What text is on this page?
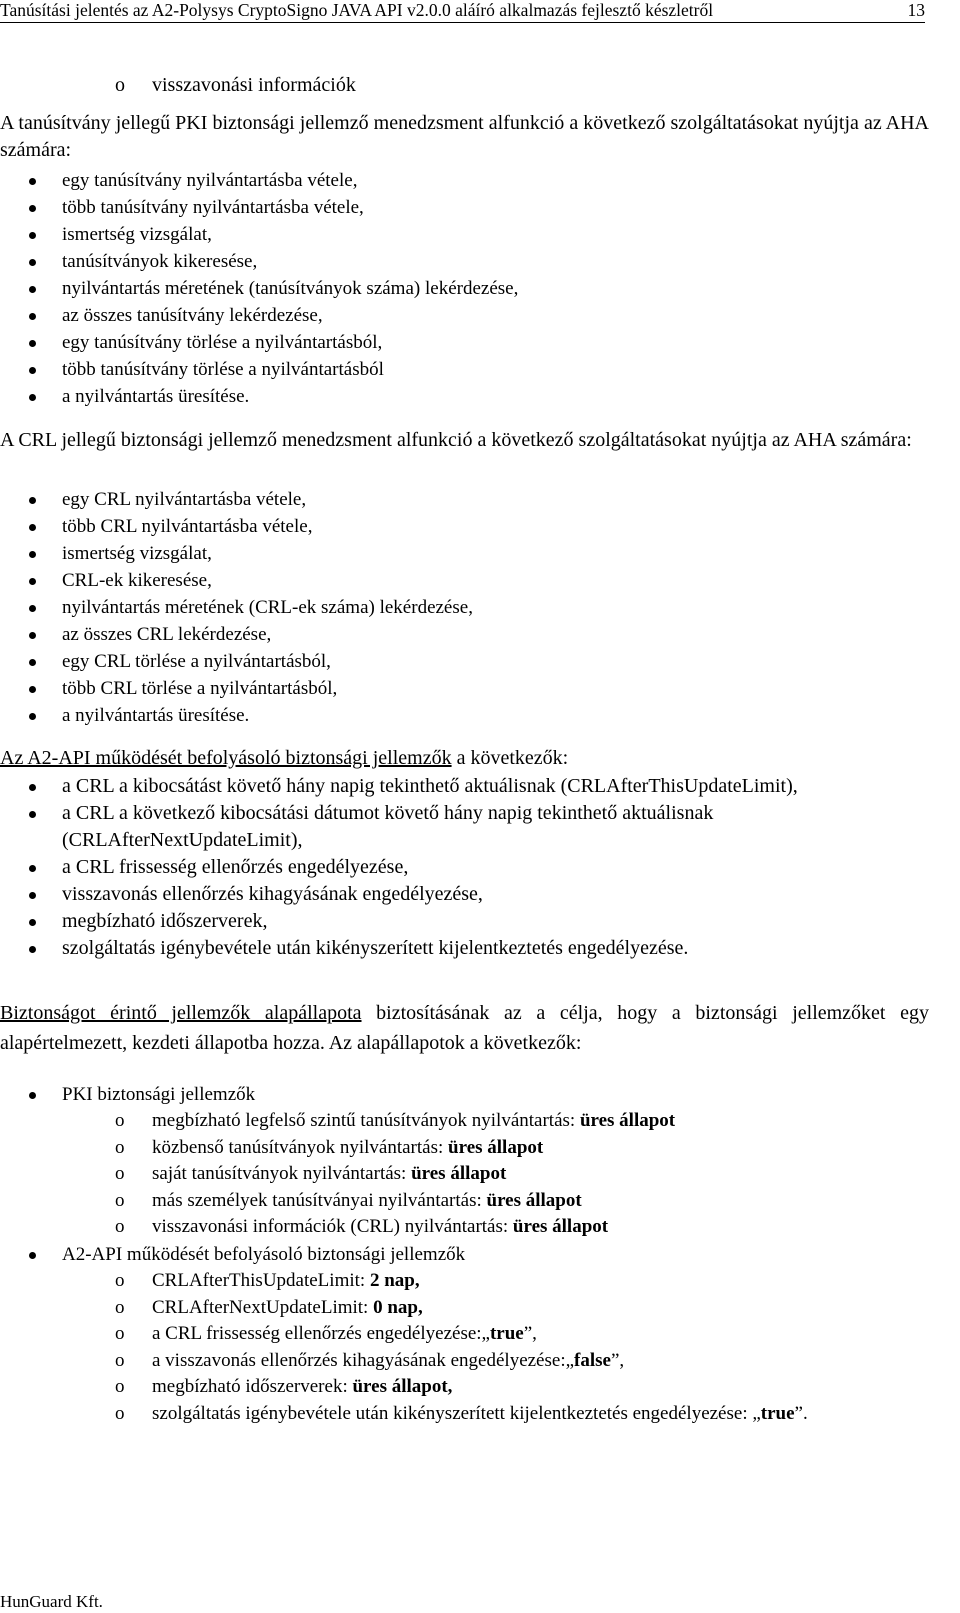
Tanúsítási jelentés az A2-Polysys CryptoSigno JAVA API v2.0.0 aláíró alkalmazás fejlesztő készletről	13
o visszavonási információk

A tanúsítvány jellegű PKI biztonsági jellemző menedzsment alfunkció a következő szolgáltatásokat nyújtja az AHA számára:

egy tanúsítvány nyilvántartásba vétele,
több tanúsítvány nyilvántartásba vétele,
ismertség vizsgálat,
tanúsítványok kikeresése,
nyilvántartás méretének (tanúsítványok száma) lekérdezése,
az összes tanúsítvány lekérdezése,
egy tanúsítvány törlése a nyilvántartásból,
több tanúsítvány törlése a nyilvántartásból
a nyilvántartás üresítése.

A CRL jellegű biztonsági jellemző menedzsment alfunkció a következő szolgáltatásokat nyújtja az AHA számára:

egy CRL nyilvántartásba vétele,
több CRL nyilvántartásba vétele,
ismertség vizsgálat,
CRL-ek kikeresése,
nyilvántartás méretének (CRL-ek száma) lekérdezése,
az összes CRL lekérdezése,
egy CRL törlése a nyilvántartásból,
több CRL törlése a nyilvántartásból,
a nyilvántartás üresítése.

Az A2-API működését befolyásoló biztonsági jellemzők a következők:

a CRL a kibocsátást követő hány napig tekinthető aktuálisnak (CRLAfterThisUpdateLimit),
a CRL a következő kibocsátási dátumot követő hány napig tekinthető aktuálisnak (CRLAfterNextUpdateLimit),
a CRL frissesség ellenőrzés engedélyezése,
visszavonás ellenőrzés kihagyásának engedélyezése,
megbízható időszerverek,
szolgáltatás igénybevétele után kikényszerített kijelentkeztetés engedélyezése.

Biztonságot érintő jellemzők alapállapota biztosításának az a célja, hogy a biztonsági jellemzőket egy alapértelmezett, kezdeti állapotba hozza. Az alapállapotok a következők:

PKI biztonsági jellemzők
o megbízható legfelső szintű tanúsítványok nyilvántartás: üres állapot
o közbenső tanúsítványok nyilvántartás: üres állapot
o saját tanúsítványok nyilvántartás: üres állapot
o más személyek tanúsítványai nyilvántartás: üres állapot
o visszavonási információk (CRL) nyilvántartás: üres állapot
A2-API működését befolyásoló biztonsági jellemzők
o CRLAfterThisUpdateLimit: 2 nap,
o CRLAfterNextUpdateLimit: 0 nap,
o a CRL frissesség ellenőrzés engedélyezése:„true”,
o a visszavonás ellenőrzés kihagyásának engedélyezése:„false”,
o megbízható időszerverek: üres állapot,
o szolgáltatás igénybevétele után kikényszerített kijelentkeztetés engedélyezése: „true”.
HunGuard Kft.
